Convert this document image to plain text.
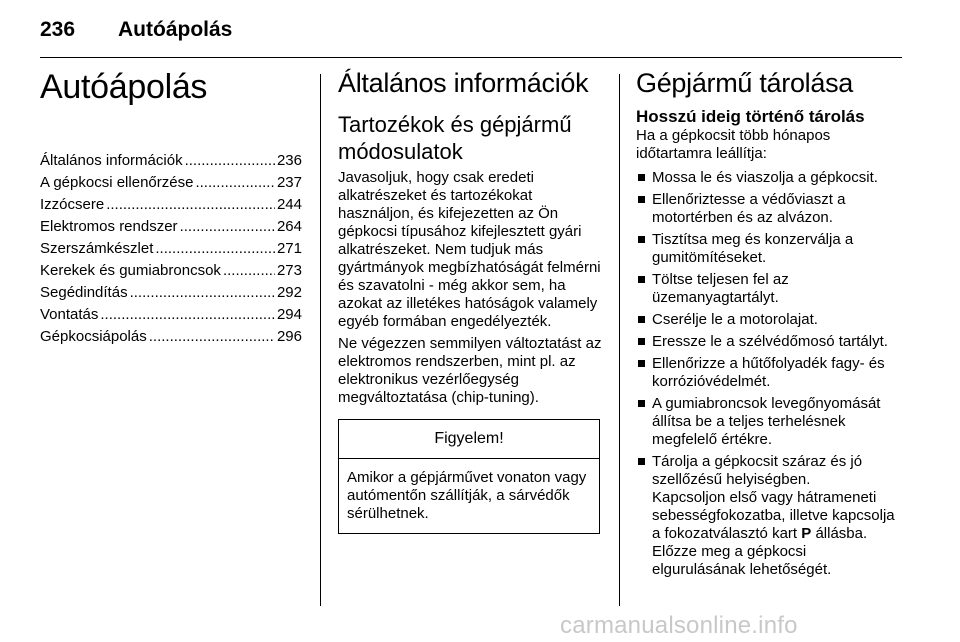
236 Autóápolás
Autóápolás
Általános információk .....	236
A gépkocsi ellenőrzése .....	237
Izzócsere .....	244
Elektromos rendszer .....	264
Szerszámkészlet .....	271
Kerekek és gumiabroncsok .....	273
Segédindítás .....	292
Vontatás .....	294
Gépkocsiápolás .....	296
Általános információk
Tartozékok és gépjármű módosulatok

Javasoljuk, hogy csak eredeti alkatrészeket és tartozékokat használjon, és kifejezetten az Ön gépkocsi típusához kifejlesztett gyári alkatrészeket. Nem tudjuk más gyártmányok megbízhatóságát felmérni és szavatolni - még akkor sem, ha azokat az illetékes hatóságok valamely egyéb formában engedélyezték.

Ne végezzen semmilyen változtatást az elektromos rendszerben, mint pl. az elektronikus vezérlőegység megváltoztatása (chip-tuning).

Figyelem!
Amikor a gépjárművet vonaton vagy autómentőn szállítják, a sárvédők sérülhetnek.
Gépjármű tárolása
Hosszú ideig történő tárolás

Ha a gépkocsit több hónapos időtartamra leállítja:

Mossa le és viaszolja a gépkocsit.
Ellenőriztesse a védőviaszt a motortérben és az alvázon.
Tisztítsa meg és konzerválja a gumitömítéseket.
Töltse teljesen fel az üzemanyagtartályt.
Cserélje le a motorolajat.
Eressze le a szélvédőmosó tartályt.
Ellenőrizze a hűtőfolyadék fagy- és korrózióvédelmét.
A gumiabroncsok levegőnyomását állítsa be a teljes terhelésnek megfelelő értékre.
Tárolja a gépkocsit száraz és jó szellőzésű helyiségben.
Kapcsoljon első vagy hátrameneti sebességfokozatba, illetve kapcsolja a fokozatválasztó kart P állásba. Előzze meg a gépkocsi elgurulásának lehetőségét.
carmanualsonline.info
